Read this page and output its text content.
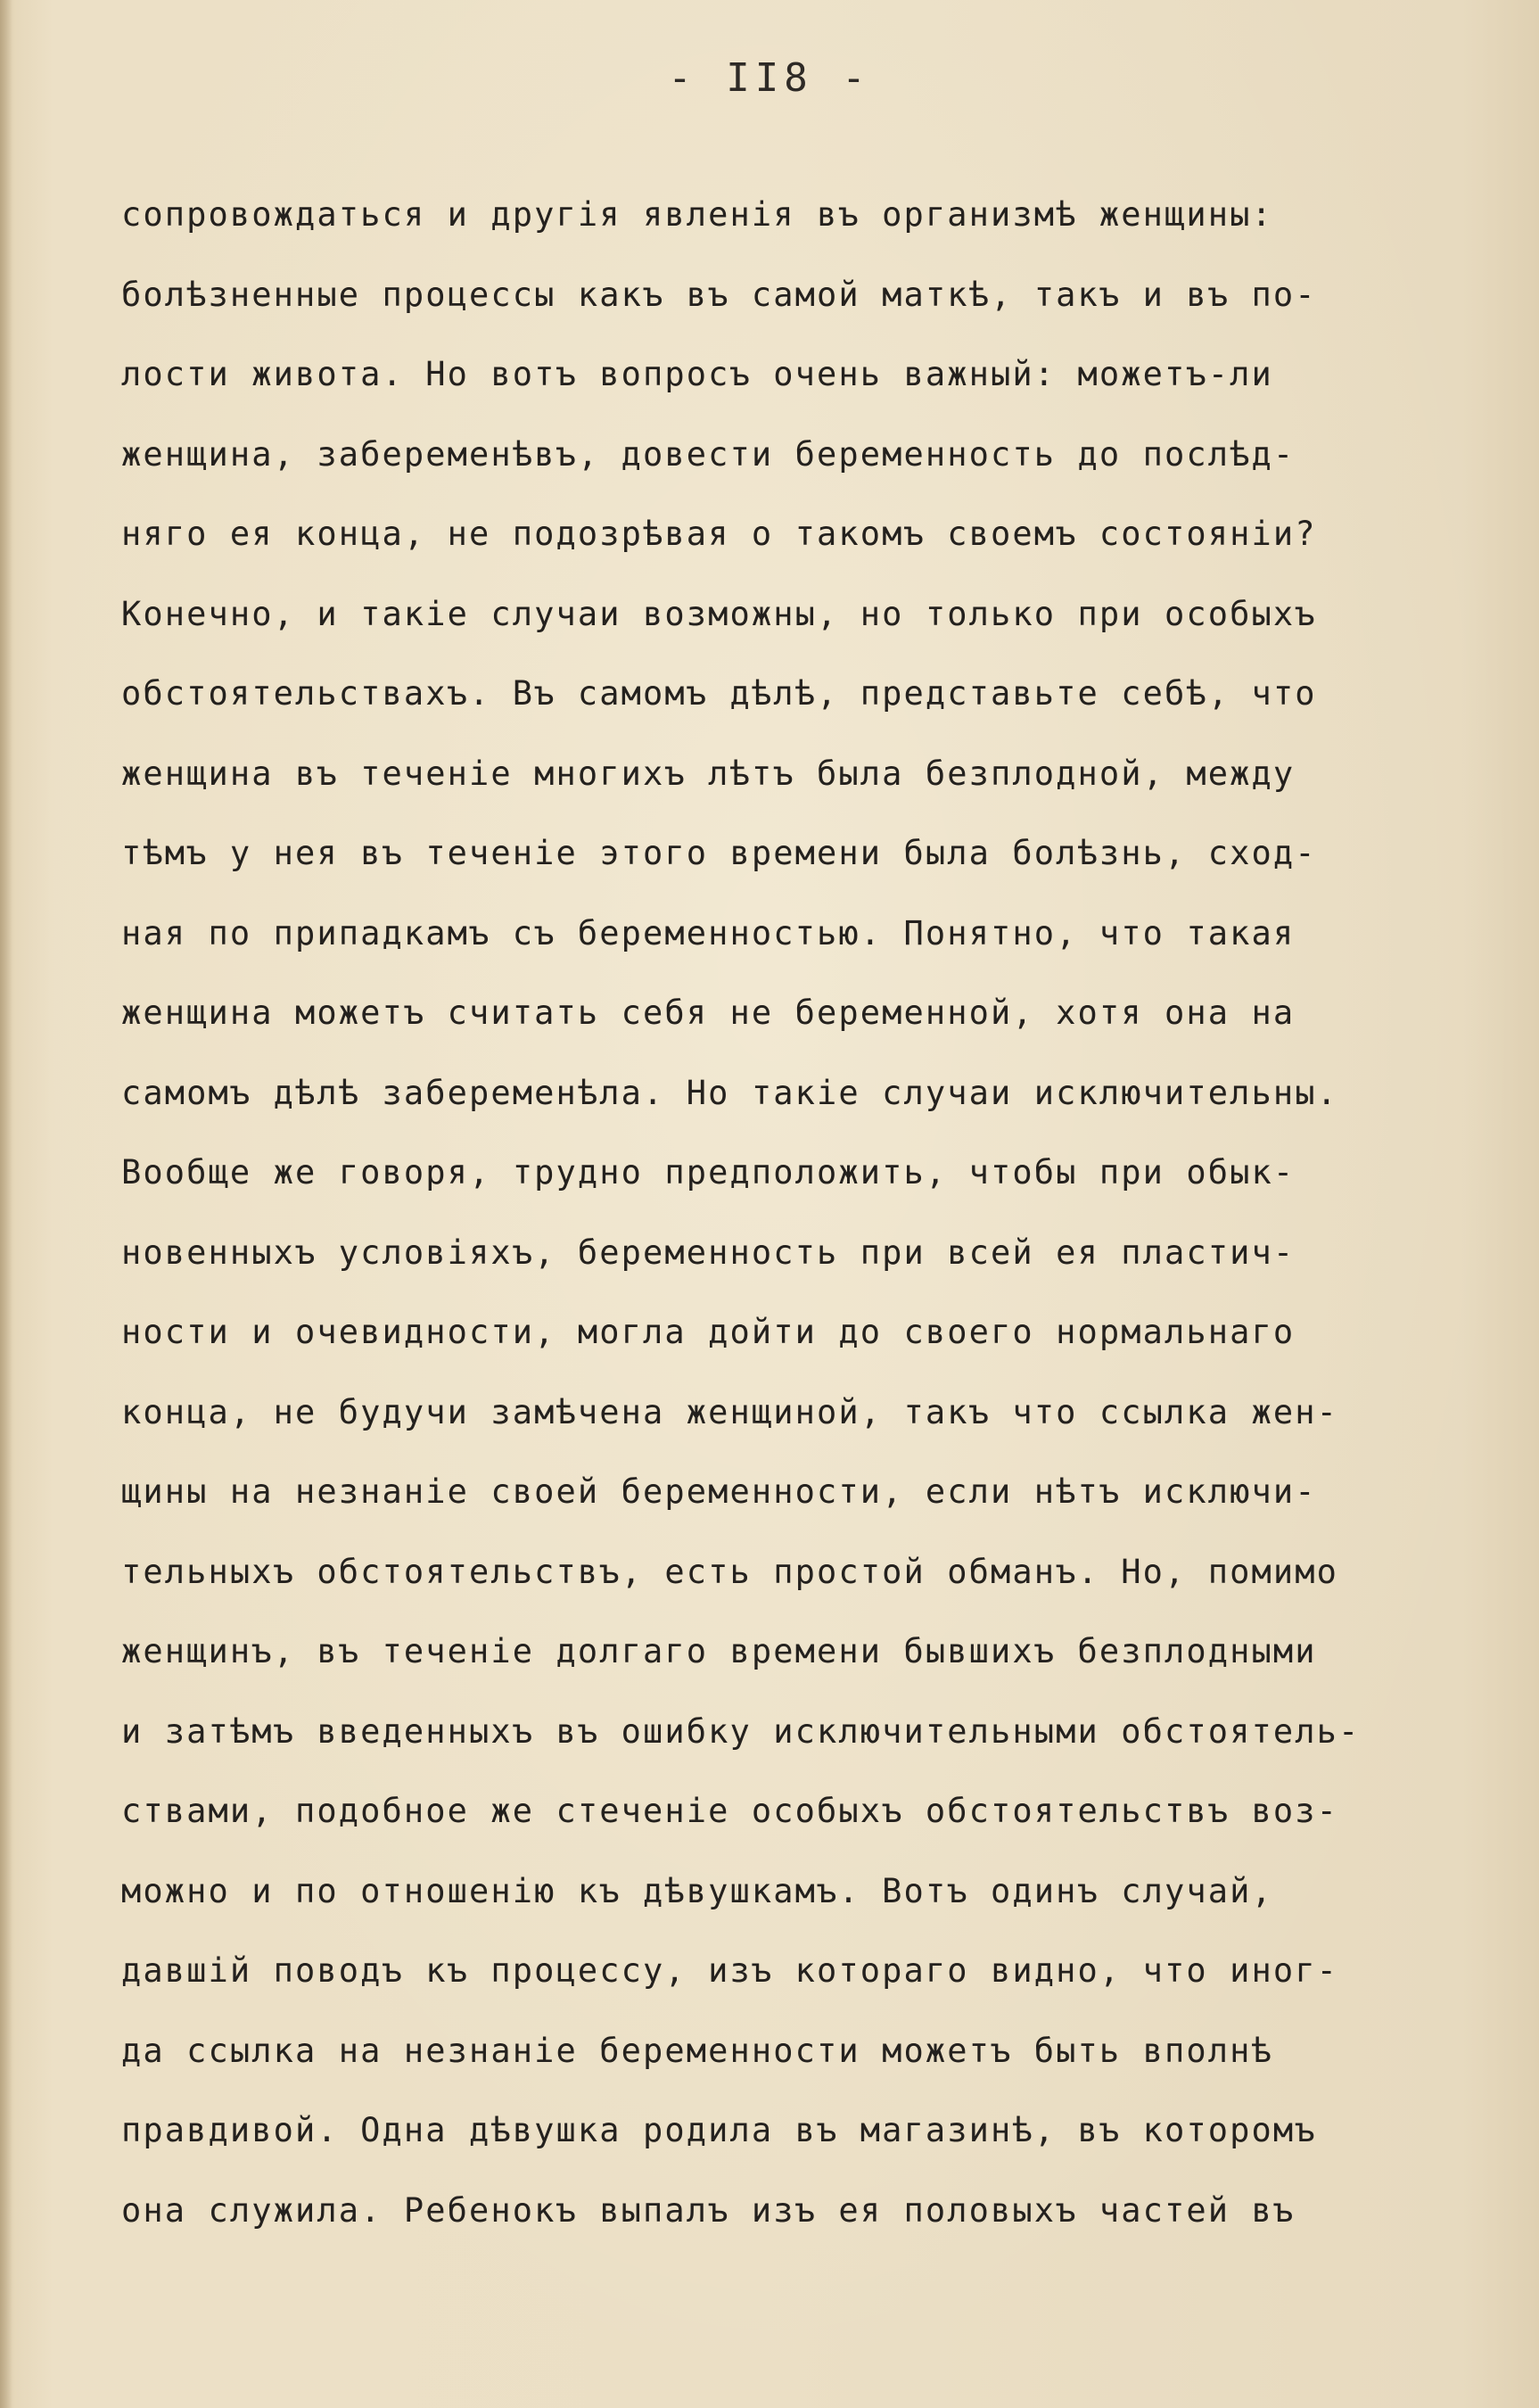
- II8 -
сопровождаться и другія явленія въ организмѣ женщины:
болѣзненные процессы какъ въ самой маткѣ, такъ и въ по-
лости живота. Но вотъ вопросъ очень важный: можетъ-ли
женщина, забеременѣвъ, довести беременность до послѣд-
няго ея конца, не подозрѣвая о такомъ своемъ состояніи?
Конечно, и такіе случаи возможны, но только при особыхъ
обстоятельствахъ. Въ самомъ дѣлѣ, представьте себѣ, что
женщина въ теченіе многихъ лѣтъ была безплодной, между
тѣмъ у нея въ теченіе этого времени была болѣзнь, сход-
ная по припадкамъ съ беременностью. Понятно, что такая
женщина можетъ считать себя не беременной, хотя она на
самомъ дѣлѣ забеременѣла. Но такіе случаи исключительны.
Вообще же говоря, трудно предположить, чтобы при обык-
новенныхъ условіяхъ, беременность при всей ея пластич-
ности и очевидности, могла дойти до своего нормальнаго
конца, не будучи замѣчена женщиной, такъ что ссылка жен-
щины на незнаніе своей беременности, если нѣтъ исключи-
тельныхъ обстоятельствъ, есть простой обманъ. Но, помимо
женщинъ, въ теченіе долгаго времени бывшихъ безплодными
и затѣмъ введенныхъ въ ошибку исключительными обстоятель-
ствами, подобное же стеченіе особыхъ обстоятельствъ воз-
можно и по отношенію къ дѣвушкамъ. Вотъ одинъ случай,
давшій поводъ къ процессу, изъ котораго видно, что иног-
да ссылка на незнаніе беременности можетъ быть вполнѣ
правдивой. Одна дѣвушка родила въ магазинѣ, въ которомъ
она служила. Ребенокъ выпалъ изъ ея половыхъ частей въ
